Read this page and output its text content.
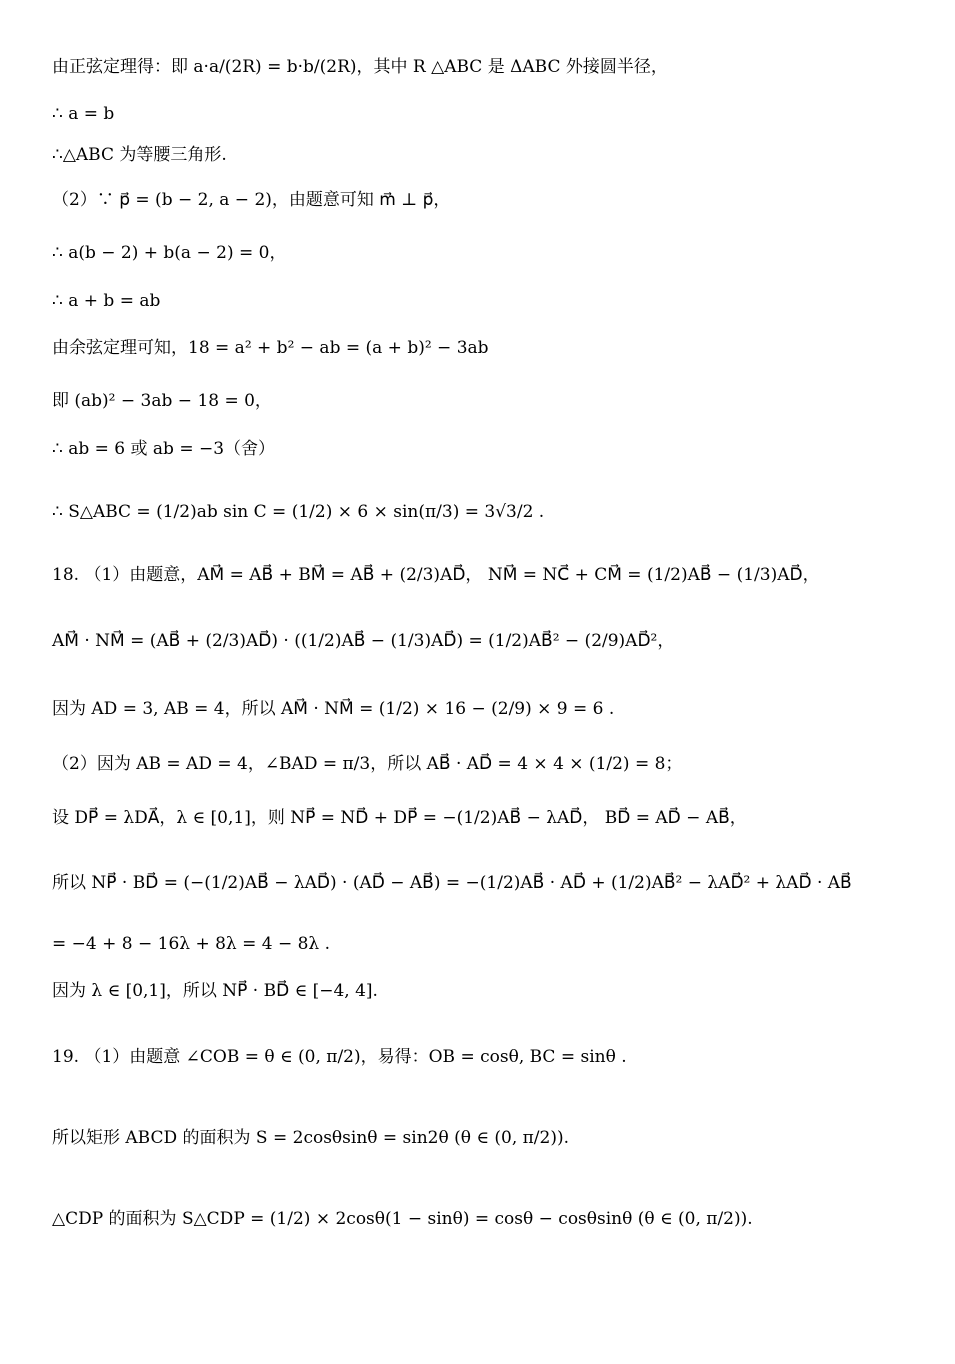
由正弦定理得：即 a·a/(2R) = b·b/(2R)，其中 R △ABC 是 ΔABC 外接圆半径，
∴ a = b
∴△ABC 为等腰三角形.
（2）∵ p⃗ = (b − 2, a − 2)，由题意可知 m⃗ ⊥ p⃗，
∴ a(b − 2) + b(a − 2) = 0，
∴ a + b = ab
由余弦定理可知，18 = a² + b² − ab = (a + b)² − 3ab
即 (ab)² − 3ab − 18 = 0，
∴ ab = 6 或 ab = −3（舍）
∴ S△ABC = (1/2)ab sin C = (1/2) × 6 × sin(π/3) = 3√3/2 .
18. （1）由题意，AM⃗ = AB⃗ + BM⃗ = AB⃗ + (2/3)AD⃗， NM⃗ = NC⃗ + CM⃗ = (1/2)AB⃗ − (1/3)AD⃗，
AM⃗ · NM⃗ = (AB⃗ + (2/3)AD⃗) · ((1/2)AB⃗ − (1/3)AD⃗) = (1/2)AB⃗² − (2/9)AD⃗²，
因为 AD = 3, AB = 4，所以 AM⃗ · NM⃗ = (1/2) × 16 − (2/9) × 9 = 6 .
（2）因为 AB = AD = 4，∠BAD = π/3，所以 AB⃗ · AD⃗ = 4 × 4 × (1/2) = 8；
设 DP⃗ = λDA⃗，λ ∈ [0,1]，则 NP⃗ = ND⃗ + DP⃗ = −(1/2)AB⃗ − λAD⃗， BD⃗ = AD⃗ − AB⃗，
所以 NP⃗ · BD⃗ = (−(1/2)AB⃗ − λAD⃗) · (AD⃗ − AB⃗) = −(1/2)AB⃗ · AD⃗ + (1/2)AB⃗² − λAD⃗² + λAD⃗ · AB⃗
= −4 + 8 − 16λ + 8λ = 4 − 8λ .
因为 λ ∈ [0,1]，所以 NP⃗ · BD⃗ ∈ [−4, 4].
19. （1）由题意 ∠COB = θ ∈ (0, π/2)，易得：OB = cosθ, BC = sinθ .
所以矩形 ABCD 的面积为 S = 2cosθsinθ = sin2θ (θ ∈ (0, π/2)).
△CDP 的面积为 S△CDP = (1/2) × 2cosθ(1 − sinθ) = cosθ − cosθsinθ (θ ∈ (0, π/2)).
